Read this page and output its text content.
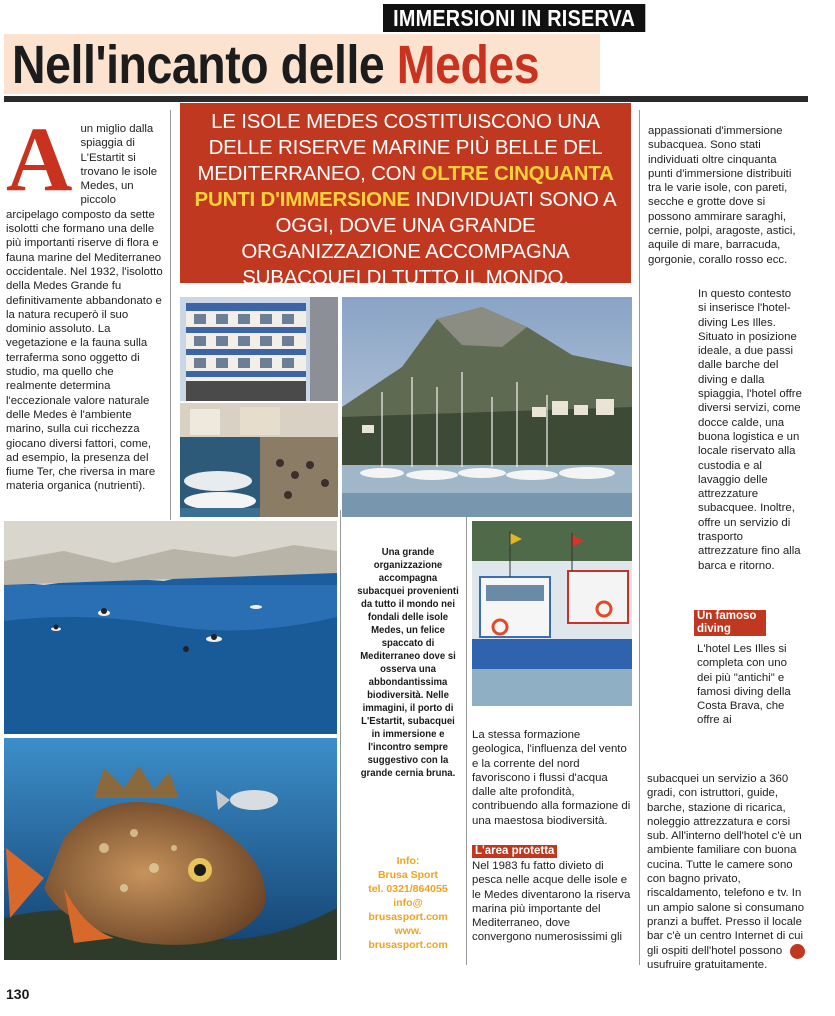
IMMERSIONI IN RISERVA
Nell'incanto delle Medes
A un miglio dalla spiaggia di L'Estartit si trovano le isole Medes, un piccolo arcipelago composto da sette isolotti che formano una delle più importanti riserve di flora e fauna marine del Mediterraneo occidentale. Nel 1932, l'isolotto della Medes Grande fu definitivamente abbandonato e la natura recuperò il suo dominio assoluto. La vegetazione e la fauna sulla terraferma sono oggetto di studio, ma quello che realmente determina l'eccezionale valore naturale delle Medes è l'ambiente marino, sulla cui ricchezza giocano diversi fattori, come, ad esempio, la presenza del fiume Ter, che riversa in mare materia organica (nutrienti).

LE ISOLE MEDES COSTITUISCONO UNA DELLE RISERVE MARINE PIÙ BELLE DEL MEDITERRANEO, CON OLTRE CINQUANTA PUNTI D'IMMERSIONE INDIVIDUATI SONO A OGGI, DOVE UNA GRANDE ORGANIZZAZIONE ACCOMPAGNA SUBACQUEI DI TUTTO IL MONDO.
appassionati d'immersione subacquea. Sono stati individuati oltre cinquanta punti d'immersione distribuiti tra le varie isole, con pareti, secche e grotte dove si possono ammirare saraghi, cernie, polpi, aragoste, astici, aquile di mare, barracuda, gorgonie, corallo rosso ecc.
In questo contesto si inserisce l'hotel-diving Les Illes. Situato in posizione ideale, a due passi dalle barche del diving e dalla spiaggia, l'hotel offre diversi servizi, come docce calde, una buona logistica e un locale riservato alla custodia e al lavaggio delle attrezzature subacquee. Inoltre, offre un servizio di trasporto attrezzature fino alla barca e ritorno.
Un famoso diving
L'hotel Les Illes si completa con uno dei più "antichi" e famosi diving della Costa Brava, che offre ai
subacquei un servizio a 360 gradi, con istruttori, guide, barche, stazione di ricarica, noleggio attrezzatura e corsi sub. All'interno dell'hotel c'è un ambiente familiare con buona cucina. Tutte le camere sono con bagno privato, riscaldamento, telefono e tv. In un ampio salone si consumano pranzi a buffet. Presso il locale bar c'è un centro Internet di cui gli ospiti dell'hotel possono usufruire gratuitamente.
La stessa formazione geologica, l'influenza del vento e la corrente del nord favoriscono i flussi d'acqua dalle alte profondità, contribuendo alla formazione di una maestosa biodiversità.
L'area protetta
Nel 1983 fu fatto divieto di pesca nelle acque delle isole e le Medes diventarono la riserva marina più importante del Mediterraneo, dove convergono numerosissimi gli
Una grande organizzazione accompagna subacquei provenienti da tutto il mondo nei fondali delle isole Medes, un felice spaccato di Mediterraneo dove si osserva una abbondantissima biodiversità. Nelle immagini, il porto di L'Estartit, subacquei in immersione e l'incontro sempre suggestivo con la grande cernia bruna.
Info:
Brusa Sport
tel. 0321/864055
info@
brusasport.com
www.
brusasport.com
130
